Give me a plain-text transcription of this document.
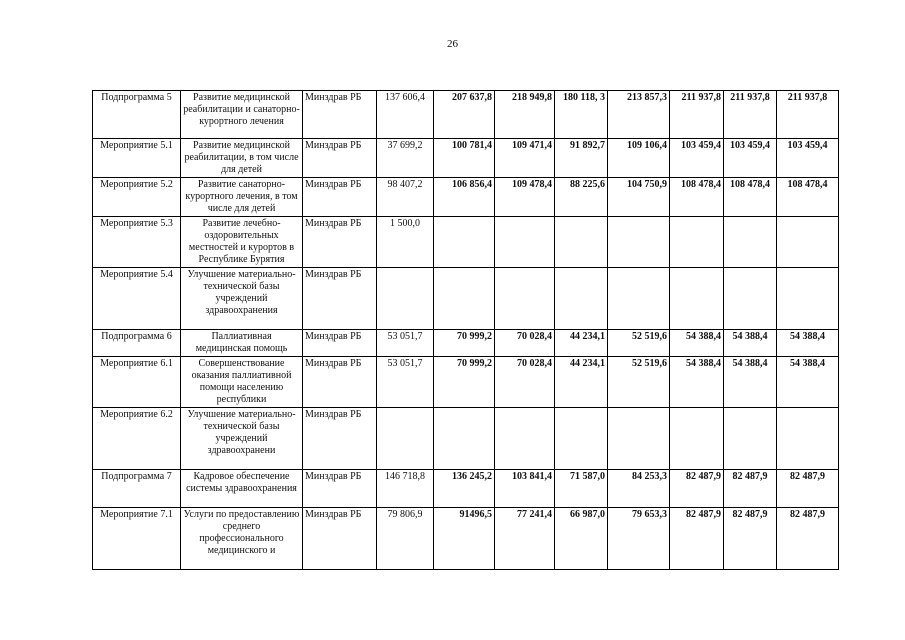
26
Подпрограмма 5	Развитие медицинской реабилитации и санаторно-курортного лечения	Минздрав РБ	137 606,4	207 637,8	218 949,8	180 118, 3	213 857,3	211 937,8	211 937,8	211 937,8
Мероприятие 5.1	Развитие медицинской реабилитации, в том числе для детей	Минздрав РБ	37 699,2	100 781,4	109 471,4	91 892,7	109 106,4	103 459,4	103 459,4	103 459,4
Мероприятие 5.2	Развитие санаторно-курортного лечения, в том числе для детей	Минздрав РБ	98 407,2	106 856,4	109 478,4	88 225,6	104 750,9	108 478,4	108 478,4	108 478,4
Мероприятие 5.3	Развитие лечебно-оздоровительных местностей и курортов в Республике Бурятия	Минздрав РБ	1 500,0							
Мероприятие 5.4	Улучшение материально-технической базы учреждений здравоохранения	Минздрав РБ								
Подпрограмма 6	Паллиативная медицинская помощь	Минздрав РБ	53 051,7	70 999,2	70 028,4	44 234,1	52 519,6	54 388,4	54 388,4	54 388,4
Мероприятие 6.1	Совершенствование оказания паллиативной помощи населению республики	Минздрав РБ	53 051,7	70 999,2	70 028,4	44 234,1	52 519,6	54 388,4	54 388,4	54 388,4
Мероприятие 6.2	Улучшение материально-технической базы учреждений здравоохранени	Минздрав РБ								
Подпрограмма 7	Кадровое обеспечение системы здравоохранения	Минздрав РБ	146 718,8	136 245,2	103 841,4	71 587,0	84 253,3	82 487,9	82 487,9	82 487,9
Мероприятие 7.1	Услуги по предоставлению среднего профессионального медицинского и	Минздрав РБ	79 806,9	91496,5	77 241,4	66 987,0	79 653,3	82 487,9	82 487,9	82 487,9
